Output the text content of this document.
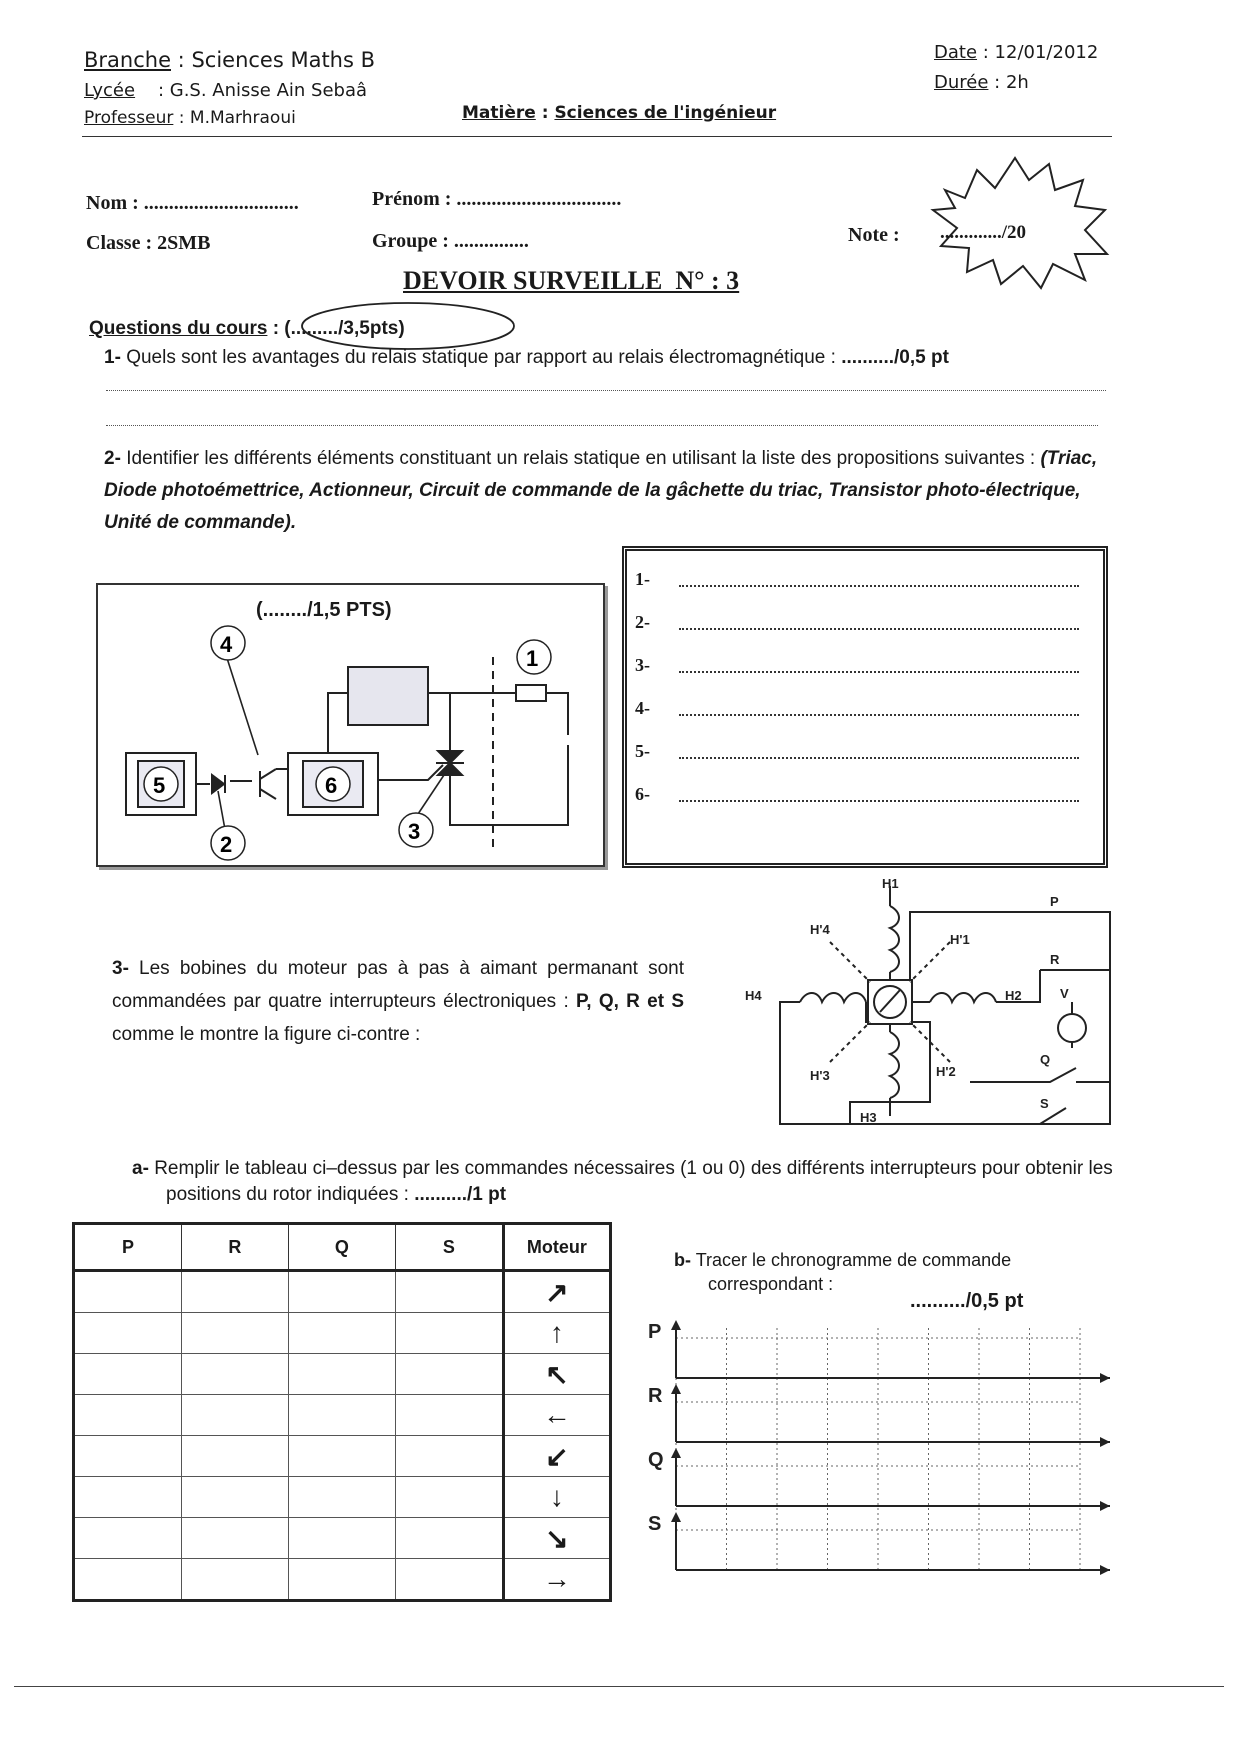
Branche : Sciences Maths B
Lycée : G.S. Anisse Ain Sebaâ
Professeur : M.Marhraoui	Matière : Sciences de l'ingénieur
Date : 12/01/2012
Durée : 2h
Nom : ...............................	Prénom : .................................
Classe : 2SMB	Groupe : ...............	Note : ............./20
DEVOIR SURVEILLE  N° : 3
Questions du cours : (........./3,5pts)
1- Quels sont les avantages du relais statique par rapport au relais électromagnétique : ........../0,5 pt
2- Identifier les différents éléments constituant un relais statique en utilisant la liste des propositions suivantes : (Triac, Diode photoémettrice, Actionneur, Circuit de commande de la gâchette du triac, Transistor photo-électrique, Unité de commande).
(......../1,5 PTS)
4
2
3
1
5	6
1-
2-
3-
4-
5-
6-
3- Les bobines du moteur pas à pas à aimant permanant sont commandées par quatre interrupteurs électroniques : P, Q, R et S comme le montre la figure ci-contre :
H1
H'4
H'1
H4	H2
H'3	H'2
H3
P
R
V
Q
S
a- Remplir le tableau ci–dessus par les commandes nécessaires (1 ou 0) des différents interrupteurs pour obtenir les positions du rotor indiquées : ........../1 pt
P	R	Q	S	Moteur
				↗
				↑
				↖
				←
				↙
				↓
				↘
				→
b- Tracer le chronogramme de commande correspondant :
........../0,5 pt
P
R
Q
S
